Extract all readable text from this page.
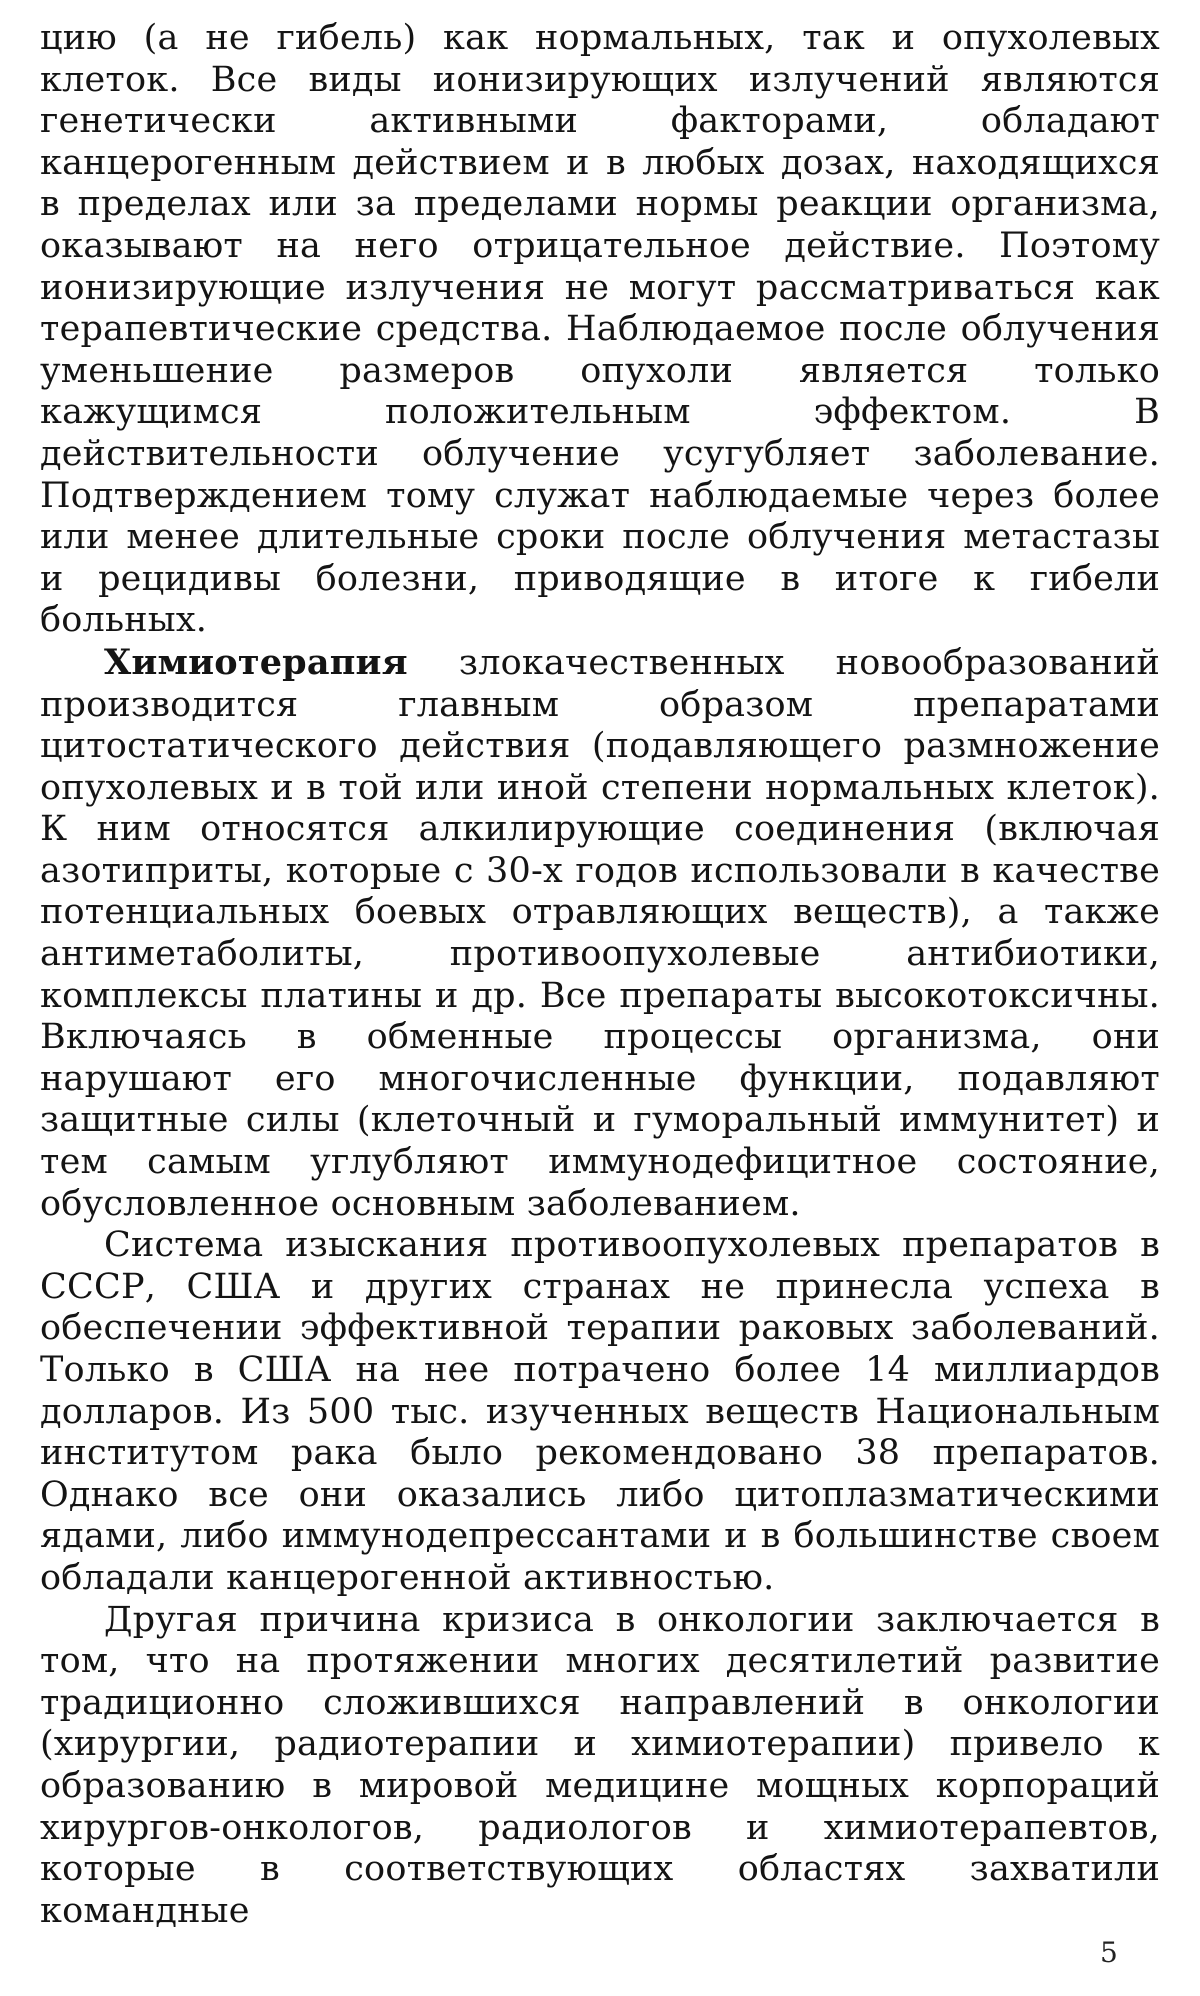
цию (а не гибель) как нормальных, так и опухолевых клеток. Все виды ионизирующих излучений являются генетически активными факторами, обладают канцерогенным действием и в любых дозах, находящихся в пределах или за пределами нормы реакции организма, оказывают на него отрицательное действие. Поэтому ионизирующие излучения не могут рассматриваться как терапевтические средства. Наблюдаемое после облучения уменьшение размеров опухоли является только кажущимся положительным эффектом. В действительности облучение усугубляет заболевание. Подтверждением тому служат наблюдаемые через более или менее длительные сроки после облучения метастазы и рецидивы болезни, приводящие в итоге к гибели больных.

Химиотерапия злокачественных новообразований производится главным образом препаратами цитостатического действия (подавляющего размножение опухолевых и в той или иной степени нормальных клеток). К ним относятся алкилирующие соединения (включая азотиприты, которые с 30-х годов использовали в качестве потенциальных боевых отравляющих веществ), а также антиметаболиты, противоопухолевые антибиотики, комплексы платины и др. Все препараты высокотоксичны. Включаясь в обменные процессы организма, они нарушают его многочисленные функции, подавляют защитные силы (клеточный и гуморальный иммунитет) и тем самым углубляют иммунодефицитное состояние, обусловленное основным заболеванием.

Система изыскания противоопухолевых препаратов в СССР, США и других странах не принесла успеха в обеспечении эффективной терапии раковых заболеваний. Только в США на нее потрачено более 14 миллиардов долларов. Из 500 тыс. изученных веществ Национальным институтом рака было рекомендовано 38 препаратов. Однако все они оказались либо цитоплазматическими ядами, либо иммунодепрессантами и в большинстве своем обладали канцерогенной активностью.

Другая причина кризиса в онкологии заключается в том, что на протяжении многих десятилетий развитие традиционно сложившихся направлений в онкологии (хирургии, радиотерапии и химиотерапии) привело к образованию в мировой медицине мощных корпораций хирургов-онкологов, радиологов и химиотерапевтов, которые в соответствующих областях захватили командные

5
